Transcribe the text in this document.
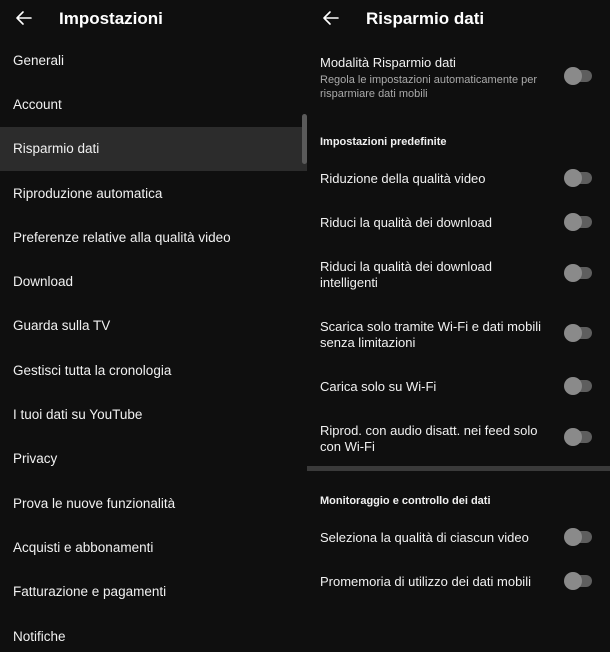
Impostazioni
Generali
Account
Risparmio dati
Riproduzione automatica
Preferenze relative alla qualità video
Download
Guarda sulla TV
Gestisci tutta la cronologia
I tuoi dati su YouTube
Privacy
Prova le nuove funzionalità
Acquisti e abbonamenti
Fatturazione e pagamenti
Notifiche
Risparmio dati
Modalità Risparmio dati
Regola le impostazioni automaticamente per risparmiare dati mobili
Impostazioni predefinite
Riduzione della qualità video
Riduci la qualità dei download
Riduci la qualità dei download intelligenti
Scarica solo tramite Wi-Fi e dati mobili senza limitazioni
Carica solo su Wi-Fi
Riprod. con audio disatt. nei feed solo con Wi-Fi
Monitoraggio e controllo dei dati
Seleziona la qualità di ciascun video
Promemoria di utilizzo dei dati mobili
